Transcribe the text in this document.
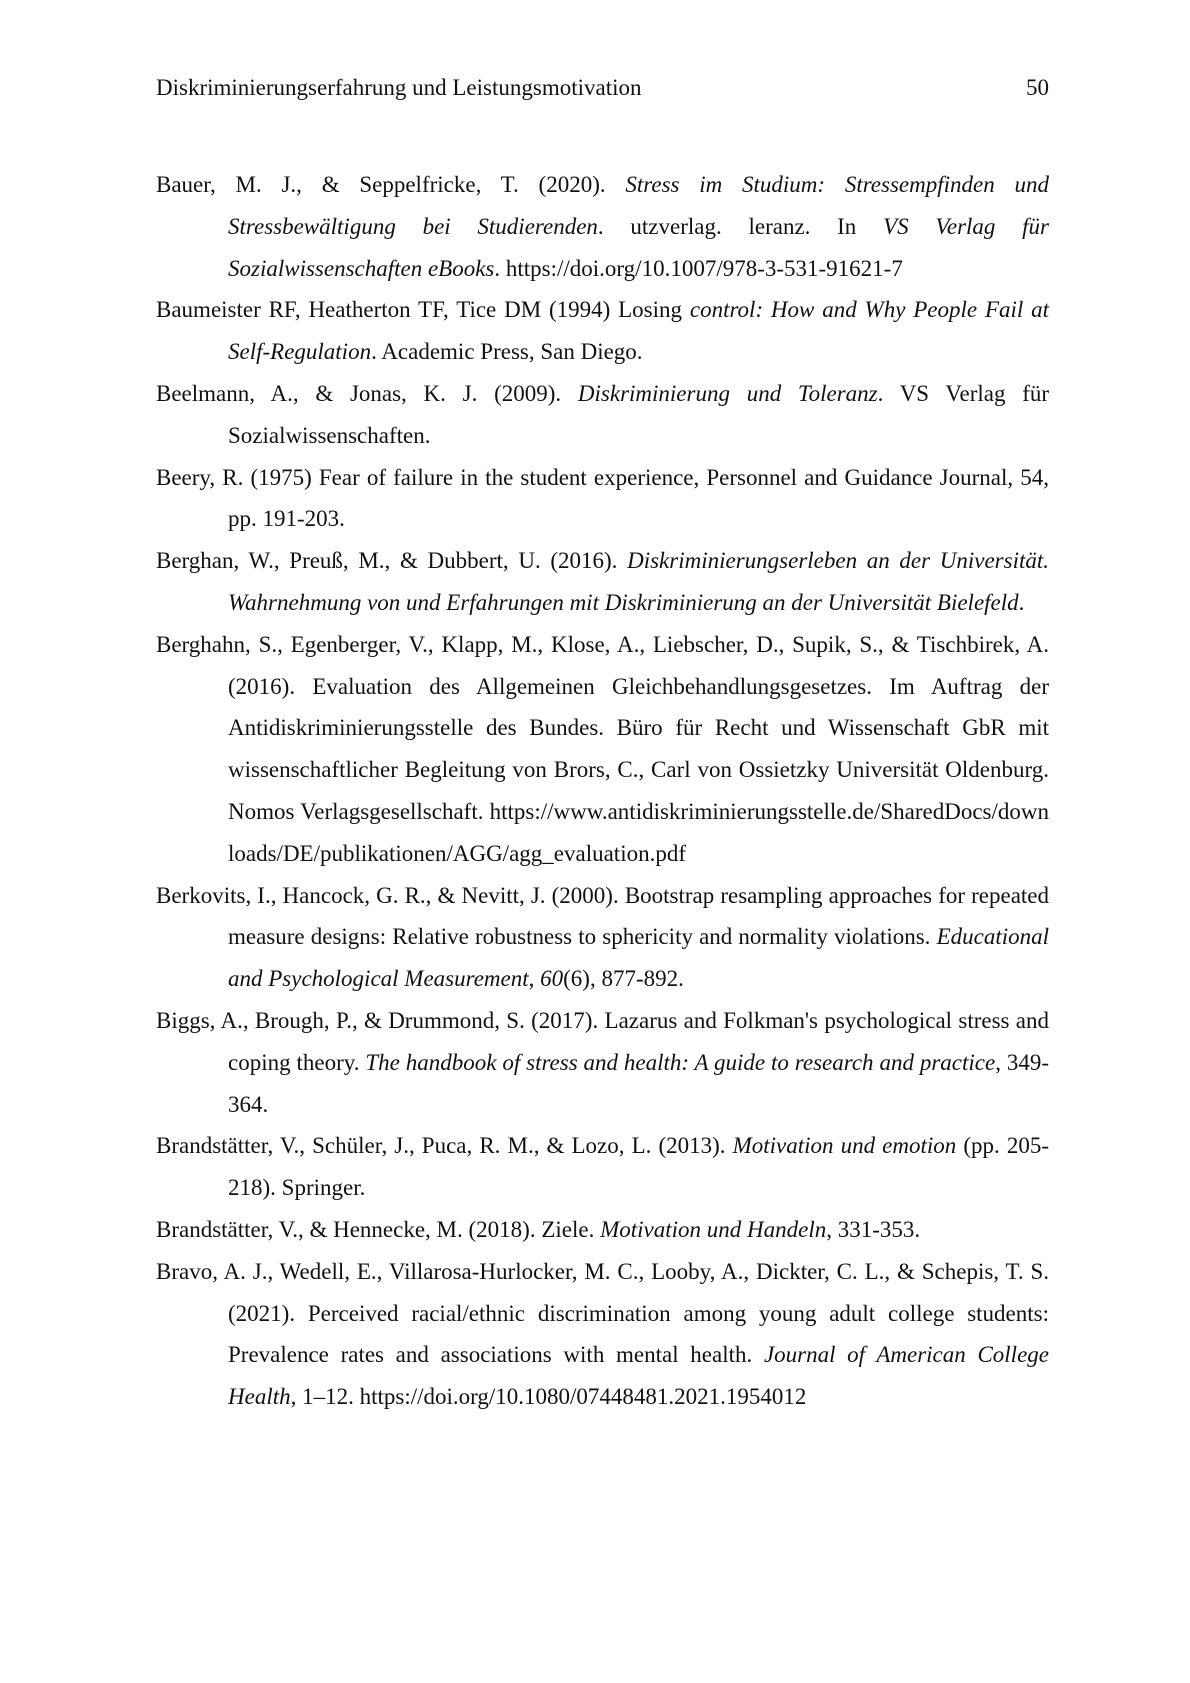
Diskriminierungserfahrung und Leistungsmotivation	50

Bauer, M. J., & Seppelfricke, T. (2020). Stress im Studium: Stressempfinden und Stressbewältigung bei Studierenden. utzverlag. leranz. In VS Verlag für Sozialwissenschaften eBooks. https://doi.org/10.1007/978-3-531-91621-7

Baumeister RF, Heatherton TF, Tice DM (1994) Losing control: How and Why People Fail at Self-Regulation. Academic Press, San Diego.

Beelmann, A., & Jonas, K. J. (2009). Diskriminierung und Toleranz. VS Verlag für Sozialwissenschaften.

Beery, R. (1975) Fear of failure in the student experience, Personnel and Guidance Journal, 54, pp. 191-203.

Berghan, W., Preuß, M., & Dubbert, U. (2016). Diskriminierungserleben an der Universität. Wahrnehmung von und Erfahrungen mit Diskriminierung an der Universität Bielefeld.

Berghahn, S., Egenberger, V., Klapp, M., Klose, A., Liebscher, D., Supik, S., & Tischbirek, A. (2016). Evaluation des Allgemeinen Gleichbehandlungsgesetzes. Im Auftrag der Antidiskriminierungsstelle des Bundes. Büro für Recht und Wissenschaft GbR mit wissenschaftlicher Begleitung von Brors, C., Carl von Ossietzky Universität Oldenburg. Nomos Verlagsgesellschaft. https://www.antidiskriminierungsstelle.de/SharedDocs/downloads/DE/publikationen/AGG/agg_evaluation.pdf

Berkovits, I., Hancock, G. R., & Nevitt, J. (2000). Bootstrap resampling approaches for repeated measure designs: Relative robustness to sphericity and normality violations. Educational and Psychological Measurement, 60(6), 877-892.

Biggs, A., Brough, P., & Drummond, S. (2017). Lazarus and Folkman's psychological stress and coping theory. The handbook of stress and health: A guide to research and practice, 349-364.

Brandstätter, V., Schüler, J., Puca, R. M., & Lozo, L. (2013). Motivation und emotion (pp. 205-218). Springer.

Brandstätter, V., & Hennecke, M. (2018). Ziele. Motivation und Handeln, 331-353.

Bravo, A. J., Wedell, E., Villarosa-Hurlocker, M. C., Looby, A., Dickter, C. L., & Schepis, T. S. (2021). Perceived racial/ethnic discrimination among young adult college students: Prevalence rates and associations with mental health. Journal of American College Health, 1–12. https://doi.org/10.1080/07448481.2021.1954012
